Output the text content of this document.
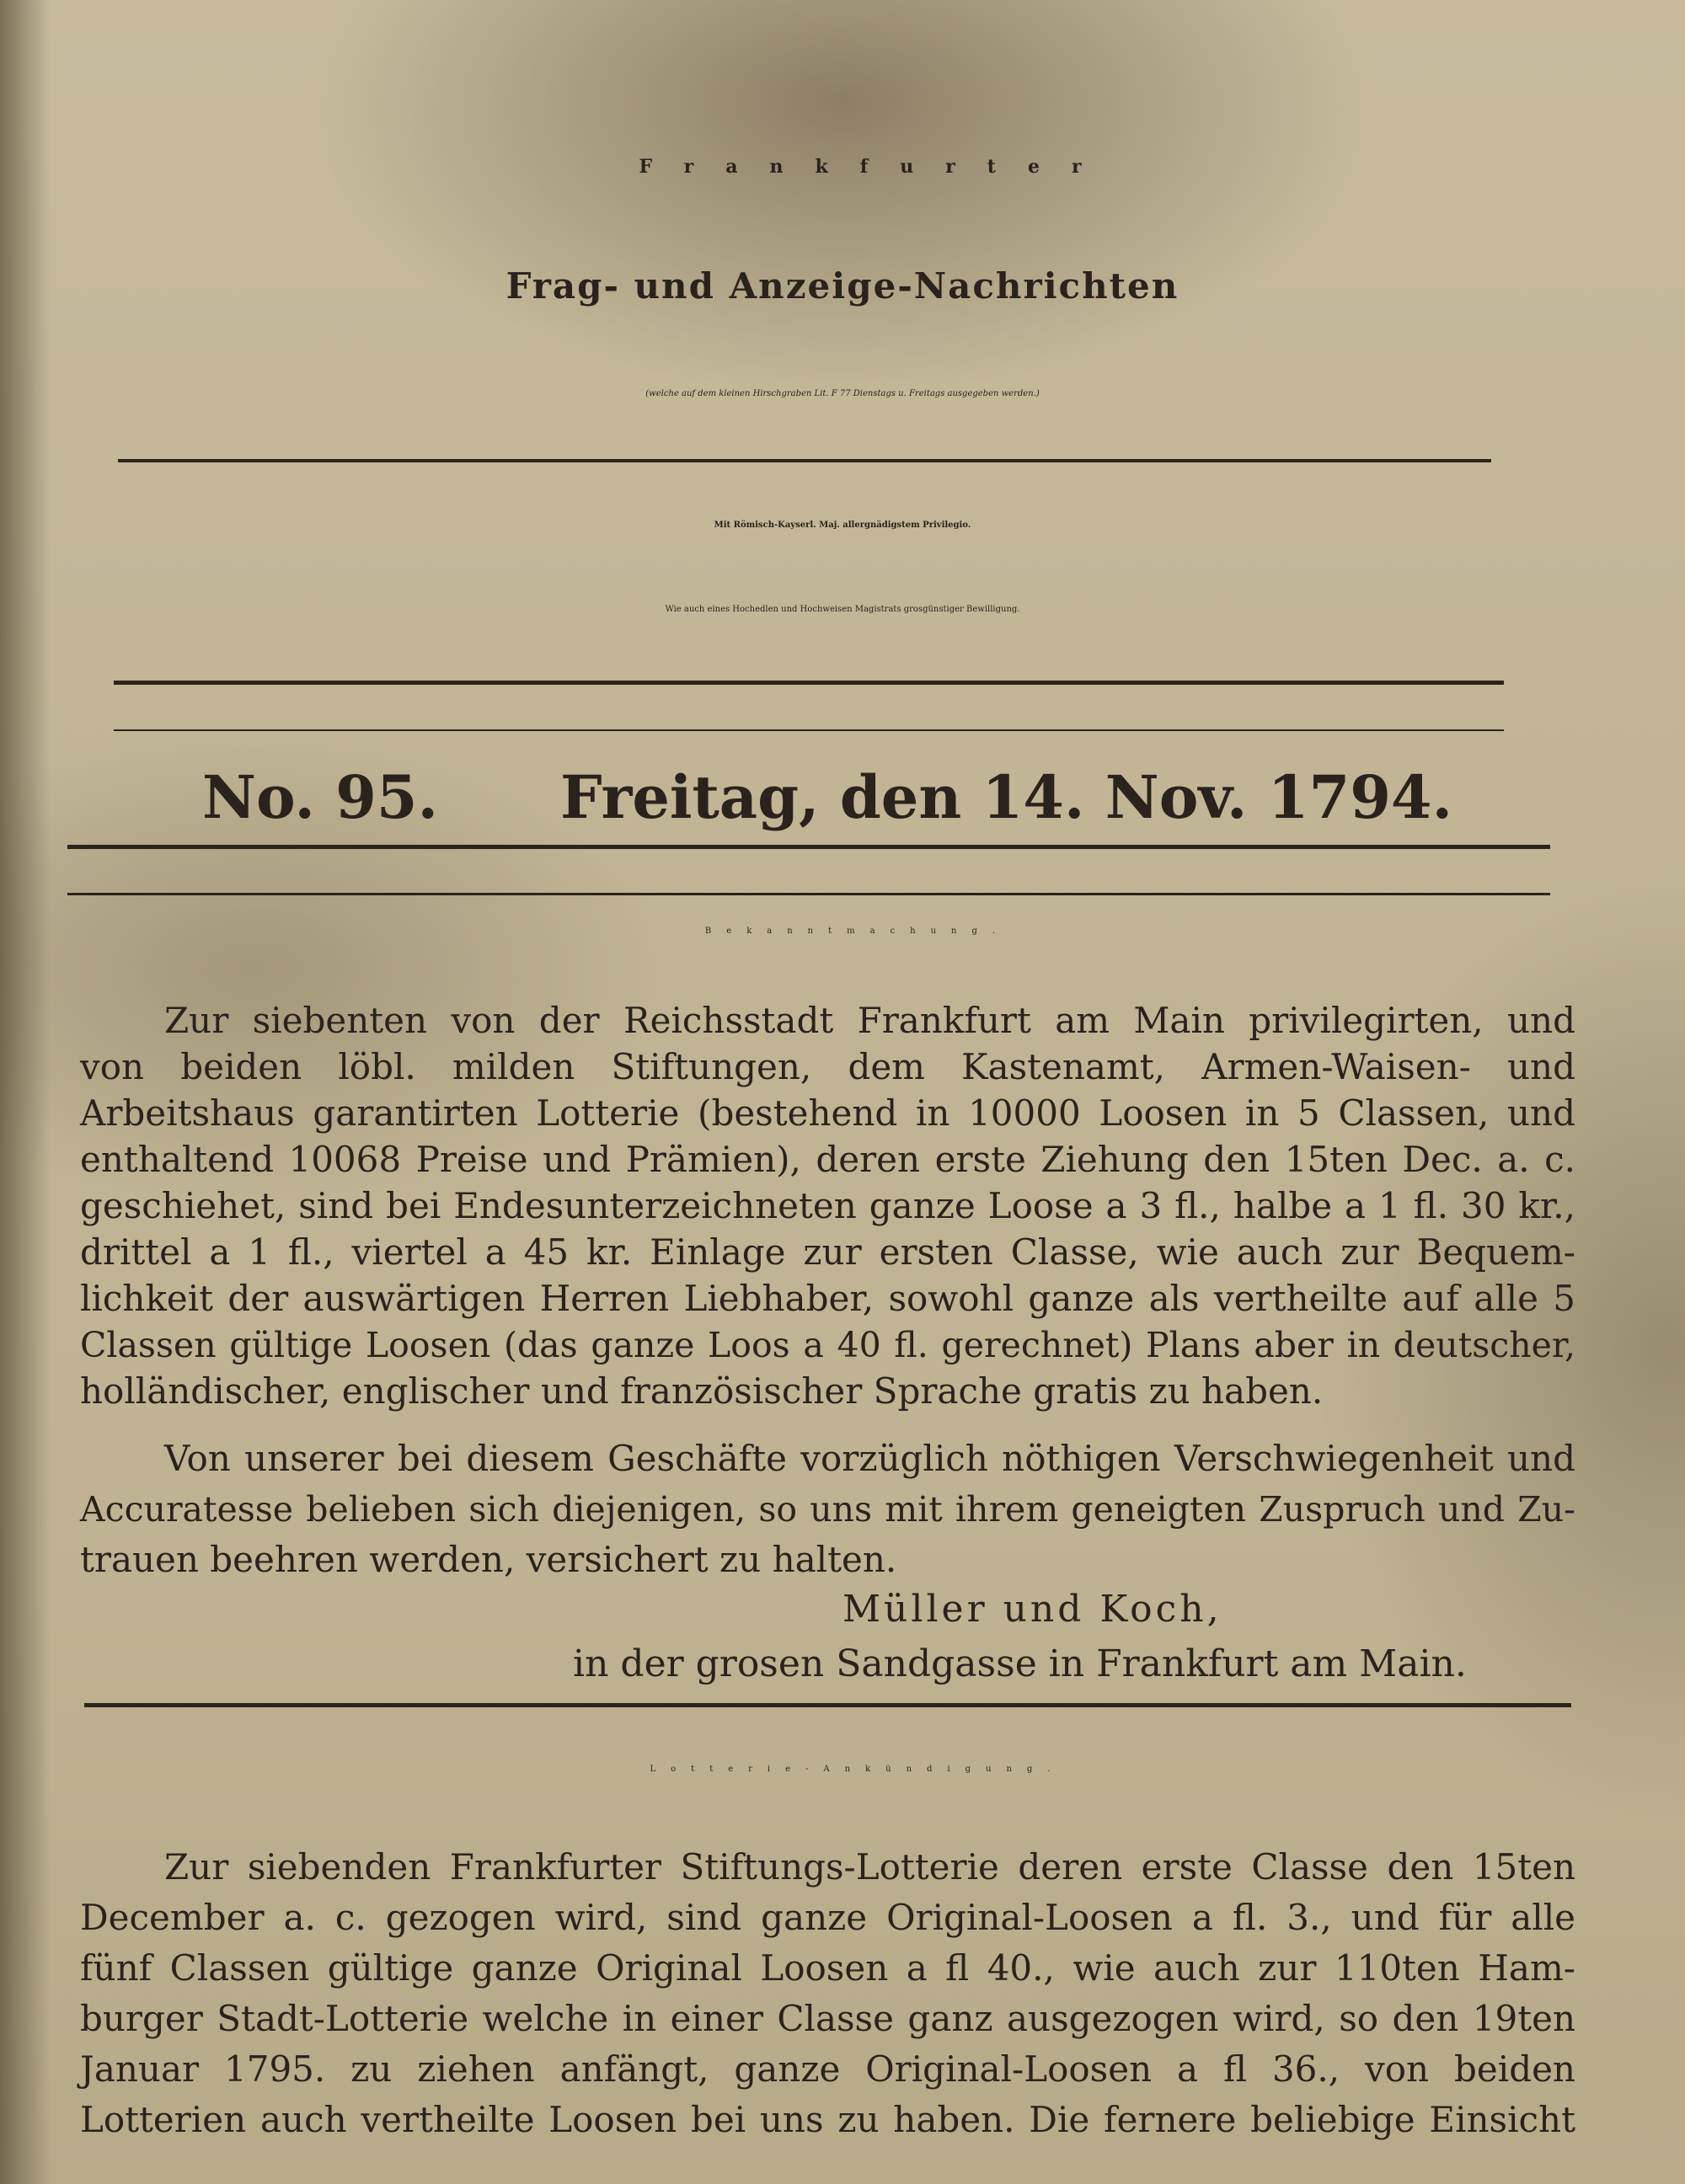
Frankfurter
Frag- und Anzeige-Nachrichten
(welche auf dem kleinen Hirschgraben Lit. F 77 Dienstags u. Freitags ausgegeben werden.)
Mit Römisch-Kayserl. Maj. allergnädigstem Privilegio.
Wie auch eines Hochedlen und Hochweisen Magistrats grosgünstiger Bewilligung.
No. 95. Freitag, den 14. Nov. 1794.
Bekanntmachung.
Zur siebenten von der Reichsstadt Frankfurt am Main privilegirten, und
von beiden löbl. milden Stiftungen, dem Kastenamt, Armen-Waisen- und
Arbeitshaus garantirten Lotterie (bestehend in 10000 Loosen in 5 Classen, und
enthaltend 10068 Preise und Prämien), deren erste Ziehung den 15ten Dec. a. c.
geschiehet, sind bei Endesunterzeichneten ganze Loose a 3 fl., halbe a 1 fl. 30 kr.,
drittel a 1 fl., viertel a 45 kr. Einlage zur ersten Classe, wie auch zur Bequem-
lichkeit der auswärtigen Herren Liebhaber, sowohl ganze als vertheilte auf alle 5
Classen gültige Loosen (das ganze Loos a 40 fl. gerechnet) Plans aber in deutscher,
holländischer, englischer und französischer Sprache gratis zu haben.
Von unserer bei diesem Geschäfte vorzüglich nöthigen Verschwiegenheit und
Accuratesse belieben sich diejenigen, so uns mit ihrem geneigten Zuspruch und Zu-
trauen beehren werden, versichert zu halten.
Müller und Koch,
in der grosen Sandgasse in Frankfurt am Main.
Lotterie-Ankündigung.
Zur siebenden Frankfurter Stiftungs-Lotterie deren erste Classe den 15ten
December a. c. gezogen wird, sind ganze Original-Loosen a fl. 3., und für alle
fünf Classen gültige ganze Original Loosen a fl 40., wie auch zur 110ten Ham-
burger Stadt-Lotterie welche in einer Classe ganz ausgezogen wird, so den 19ten
Januar 1795. zu ziehen anfängt, ganze Original-Loosen a fl 36., von beiden
Lotterien auch vertheilte Loosen bei uns zu haben. Die fernere beliebige Einsicht
